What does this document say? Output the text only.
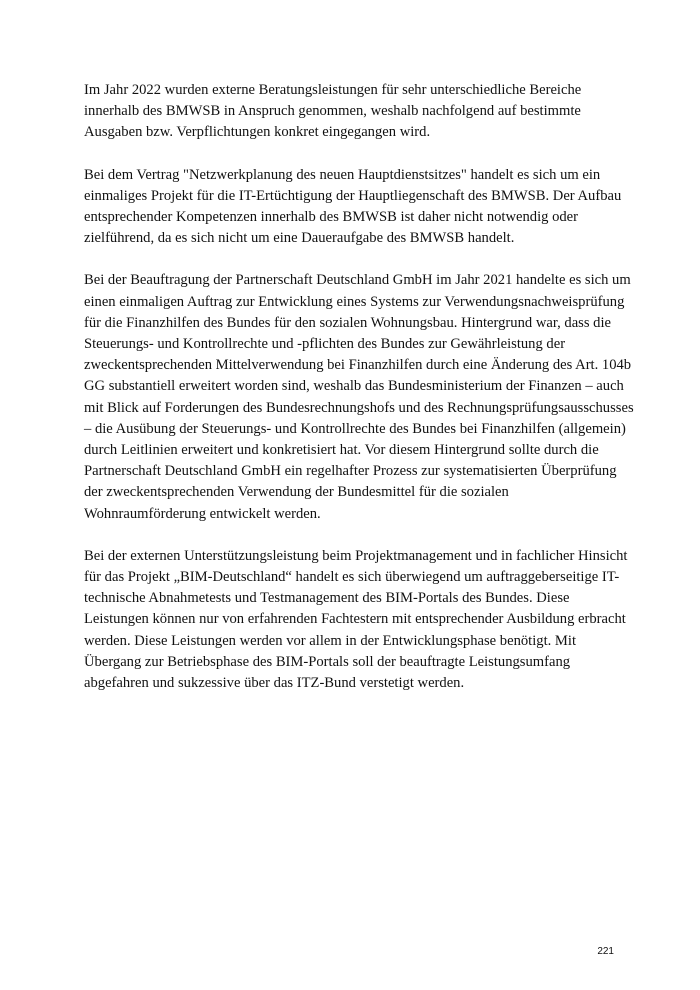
Im Jahr 2022 wurden externe Beratungsleistungen für sehr unterschiedliche Bereiche
innerhalb des BMWSB in Anspruch genommen, weshalb nachfolgend auf bestimmte
Ausgaben bzw. Verpflichtungen konkret eingegangen wird.

Bei dem Vertrag "Netzwerkplanung des neuen Hauptdienstsitzes" handelt es sich um ein
einmaliges Projekt für die IT-Ertüchtigung der Hauptliegenschaft des BMWSB. Der Aufbau
entsprechender Kompetenzen innerhalb des BMWSB ist daher nicht notwendig oder
zielführend, da es sich nicht um eine Daueraufgabe des BMWSB handelt.

Bei der Beauftragung der Partnerschaft Deutschland GmbH im Jahr 2021 handelte es sich um
einen einmaligen Auftrag zur Entwicklung eines Systems zur Verwendungsnachweisprüfung
für die Finanzhilfen des Bundes für den sozialen Wohnungsbau. Hintergrund war, dass die
Steuerungs- und Kontrollrechte und -pflichten des Bundes zur Gewährleistung der
zweckentsprechenden Mittelverwendung bei Finanzhilfen durch eine Änderung des Art. 104b
GG substantiell erweitert worden sind, weshalb das Bundesministerium der Finanzen – auch
mit Blick auf Forderungen des Bundesrechnungshofs und des Rechnungsprüfungsausschusses
– die Ausübung der Steuerungs- und Kontrollrechte des Bundes bei Finanzhilfen (allgemein)
durch Leitlinien erweitert und konkretisiert hat. Vor diesem Hintergrund sollte durch die
Partnerschaft Deutschland GmbH ein regelhafter Prozess zur systematisierten Überprüfung
der zweckentsprechenden Verwendung der Bundesmittel für die sozialen
Wohnraumförderung entwickelt werden.

Bei der externen Unterstützungsleistung beim Projektmanagement und in fachlicher Hinsicht
für das Projekt „BIM-Deutschland“ handelt es sich überwiegend um auftraggeberseitige IT-
technische Abnahmetests und Testmanagement des BIM-Portals des Bundes. Diese
Leistungen können nur von erfahrenden Fachtestern mit entsprechender Ausbildung erbracht
werden. Diese Leistungen werden vor allem in der Entwicklungsphase benötigt. Mit
Übergang zur Betriebsphase des BIM-Portals soll der beauftragte Leistungsumfang
abgefahren und sukzessive über das ITZ-Bund verstetigt werden.

221
